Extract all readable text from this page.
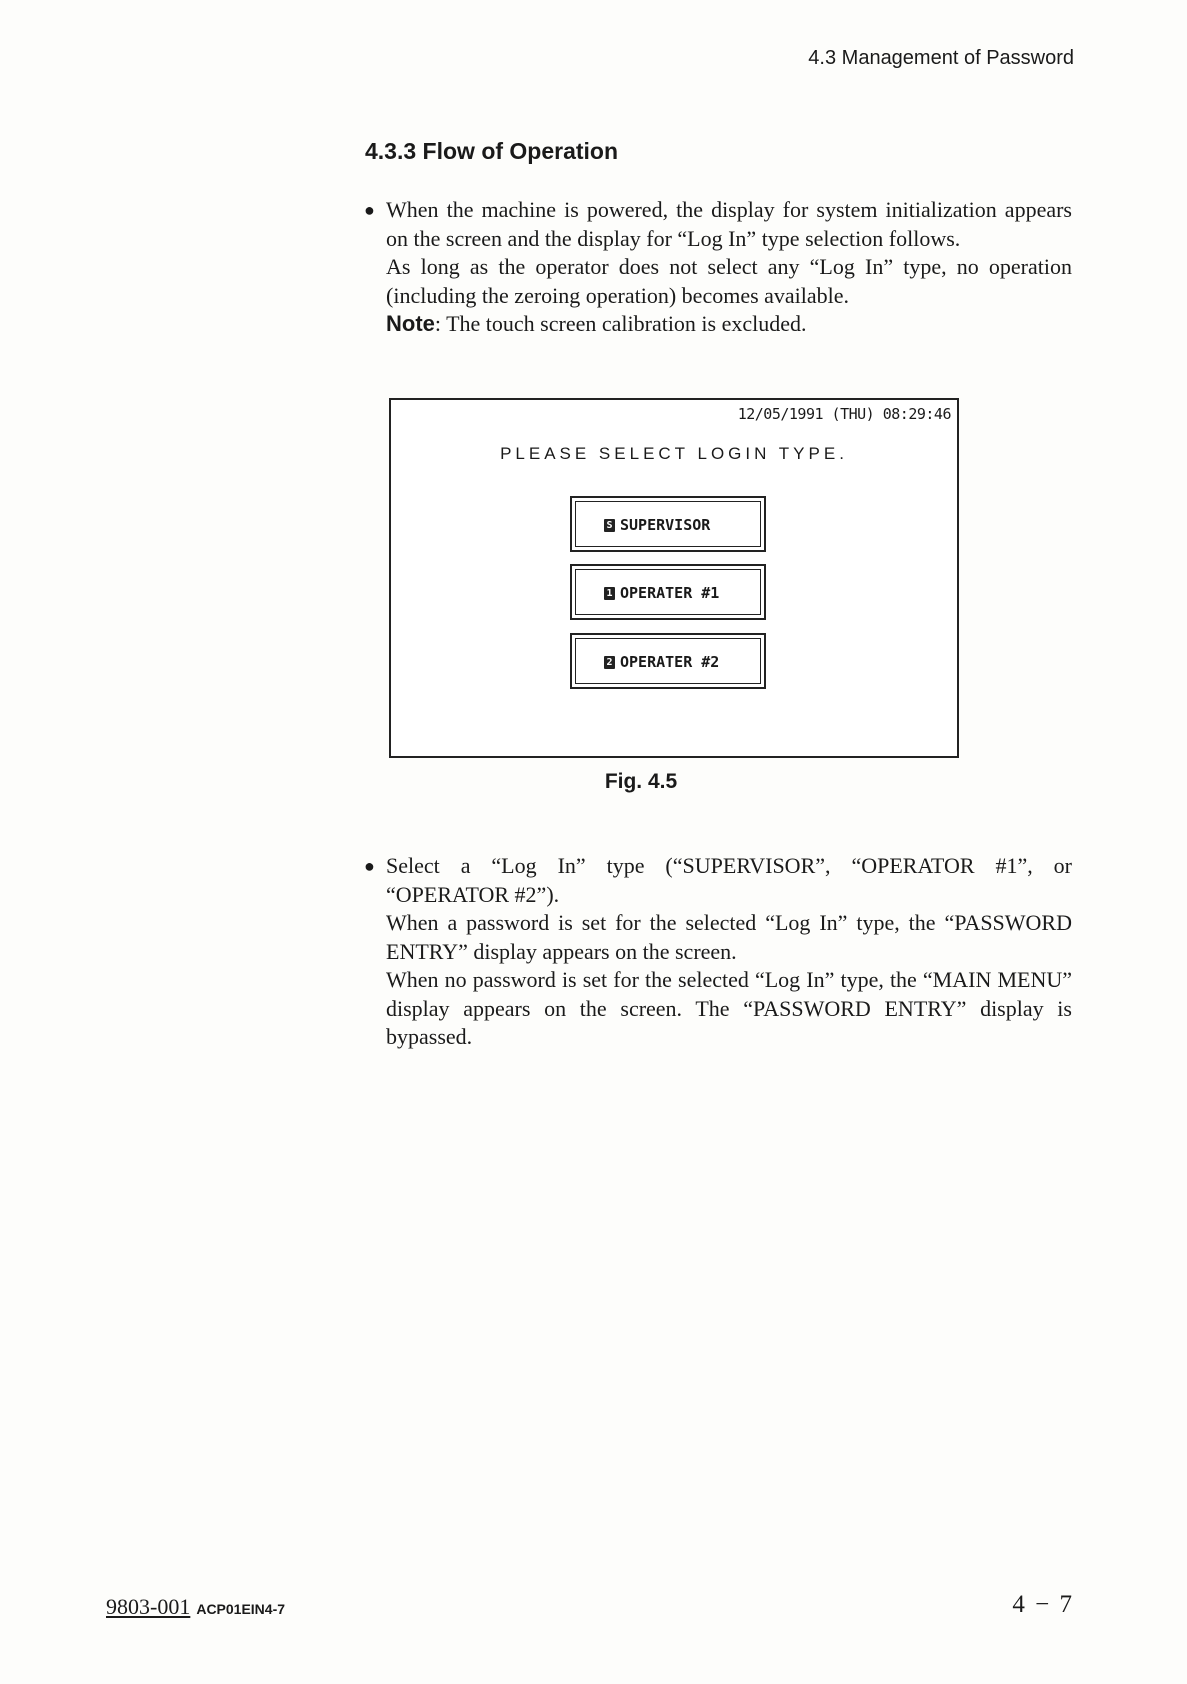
4.3 Management of Password
4.3.3 Flow of Operation
● When the machine is powered, the display for system initialization appears on the screen and the display for “Log In” type selection follows.

As long as the operator does not select any “Log In” type, no operation (including the zeroing operation) becomes available.

Note: The touch screen calibration is excluded.

12/05/1991 (THU) 08:29:46
PLEASE SELECT LOGIN TYPE.
S SUPERVISOR
1 OPERATER #1
2 OPERATER #2
Fig. 4.5
● Select a “Log In” type (“SUPERVISOR”, “OPERATOR #1”, or “OPERATOR #2”).

When a password is set for the selected “Log In” type, the “PASSWORD ENTRY” display appears on the screen.

When no password is set for the selected “Log In” type, the “MAIN MENU” display appears on the screen. The “PASSWORD ENTRY” display is bypassed.

9803-001 ACP01EIN4-7	4 − 7
